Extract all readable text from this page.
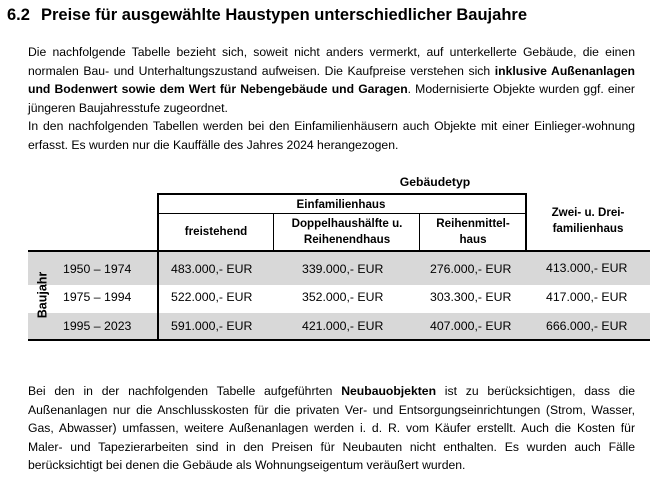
6.2 Preise für ausgewählte Haustypen unterschiedlicher Baujahre

Die nachfolgende Tabelle bezieht sich, soweit nicht anders vermerkt, auf unterkellerte Gebäude, die einen normalen Bau- und Unterhaltungszustand aufweisen. Die Kaufpreise verstehen sich inklusive Außenanlagen und Bodenwert sowie dem Wert für Nebengebäude und Garagen. Modernisierte Objekte wurden ggf. einer jüngeren Baujahresstufe zugeordnet.

In den nachfolgenden Tabellen werden bei den Einfamilienhäusern auch Objekte mit einer Einlieger-wohnung erfasst. Es wurden nur die Kauffälle des Jahres 2024 herangezogen.

Gebäudetyp
Einfamilienhaus
freistehend
Doppelhaushälfte u. Reihenendhaus
Reihenmittel-haus
Zwei- u. Drei-familienhaus
Baujahr
1950 – 1974	483.000,- EUR	339.000,- EUR	276.000,- EUR	413.000,- EUR
1975 – 1994	522.000,- EUR	352.000,- EUR	303.300,- EUR	417.000,- EUR
1995 – 2023	591.000,- EUR	421.000,- EUR	407.000,- EUR	666.000,- EUR

Bei den in der nachfolgenden Tabelle aufgeführten Neubauobjekten ist zu berücksichtigen, dass die Außenanlagen nur die Anschlusskosten für die privaten Ver- und Entsorgungseinrichtungen (Strom, Wasser, Gas, Abwasser) umfassen, weitere Außenanlagen werden i. d. R. vom Käufer erstellt. Auch die Kosten für Maler- und Tapezierarbeiten sind in den Preisen für Neubauten nicht enthalten. Es wurden auch Fälle berücksichtigt bei denen die Gebäude als Wohnungseigentum veräußert wurden.
